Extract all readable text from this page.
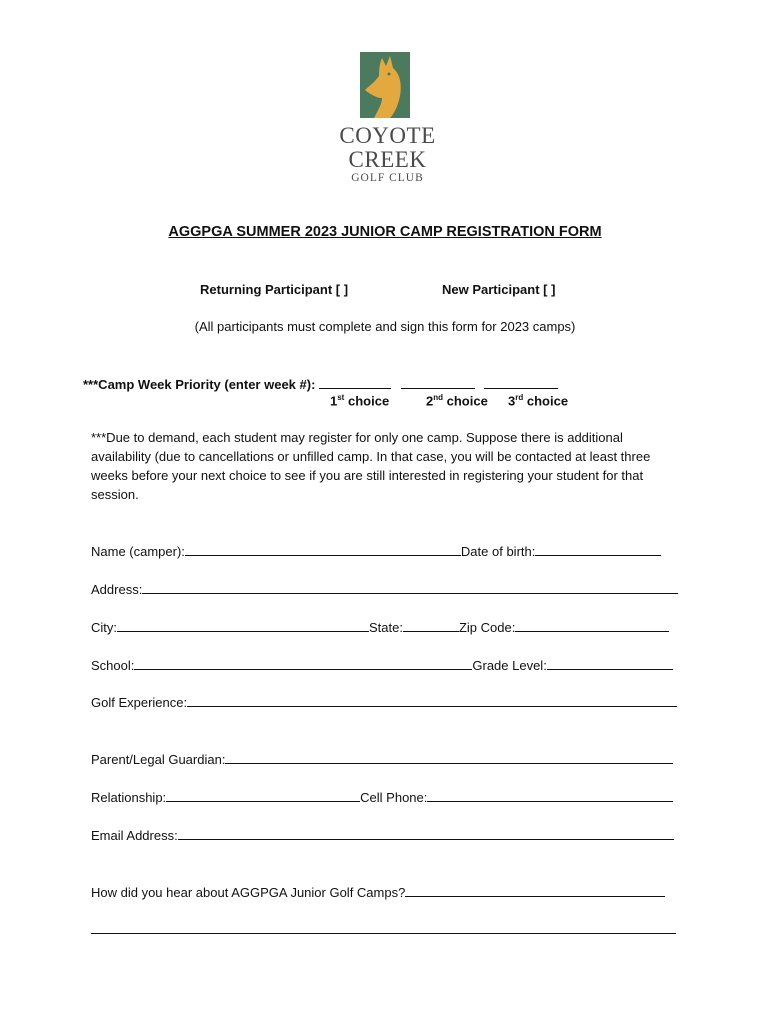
COYOTE CREEK
GOLF CLUB
AGGPGA SUMMER 2023 JUNIOR CAMP REGISTRATION FORM
Returning Participant [ ]	New Participant [ ]
(All participants must complete and sign this form for 2023 camps)
***Camp Week Priority (enter week #):
1st choice	2nd choice 3rd choice
***Due to demand, each student may register for only one camp. Suppose there is additional availability (due to cancellations or unfilled camp. In that case, you will be contacted at least three weeks before your next choice to see if you are still interested in registering your student for that session.
Name (camper):	Date of birth:
Address:
City:	State:	Zip Code:
School:	Grade Level:
Golf Experience:
Parent/Legal Guardian:
Relationship:	Cell Phone:
Email Address:
How did you hear about AGGPGA Junior Golf Camps?
